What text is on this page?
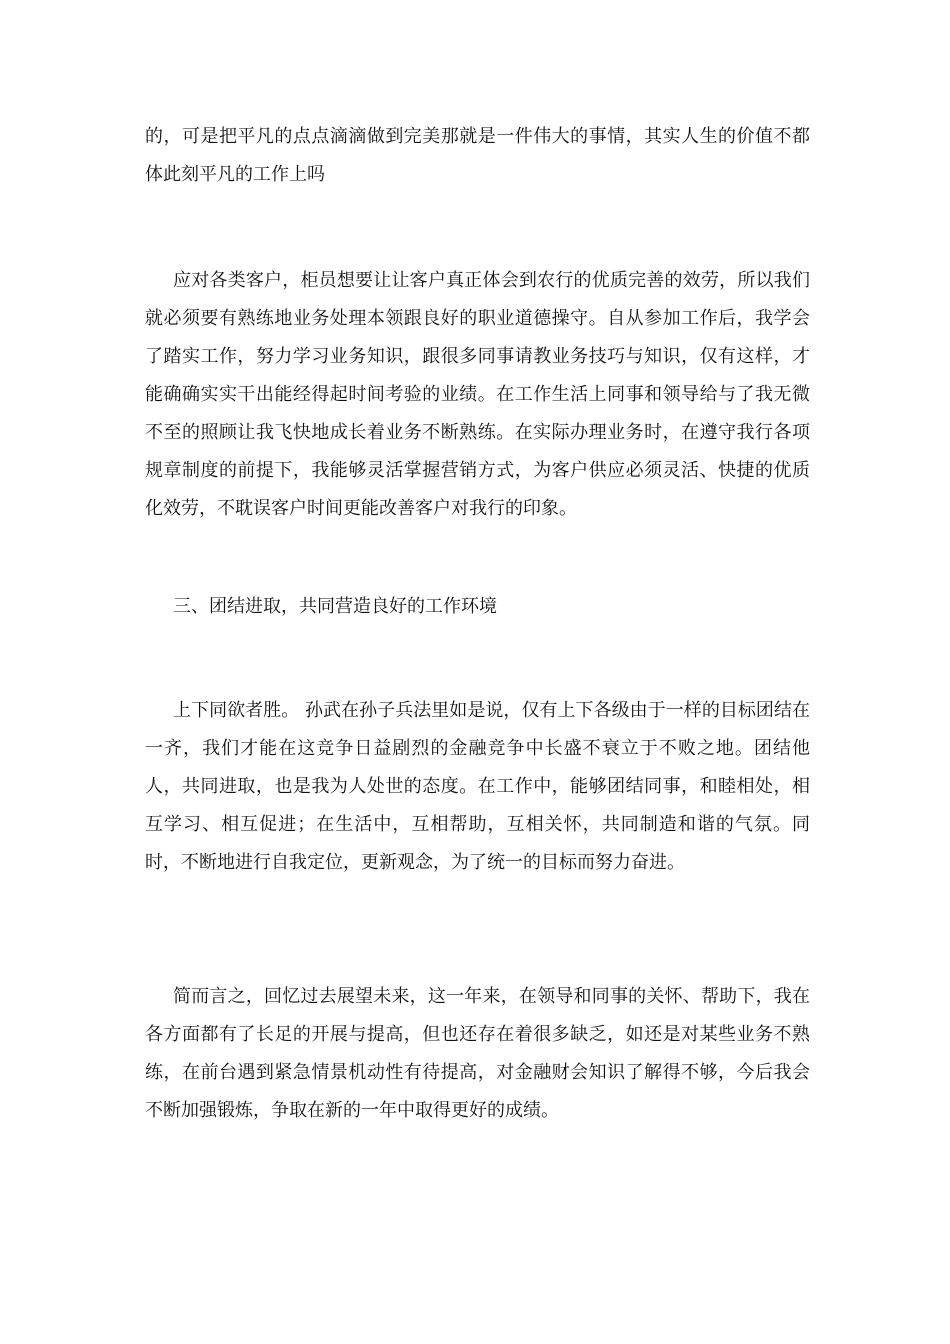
的，可是把平凡的点点滴滴做到完美那就是一件伟大的事情，其实人生的价值不都体此刻平凡的工作上吗

应对各类客户，柜员想要让让客户真正体会到农行的优质完善的效劳，所以我们就必须要有熟练地业务处理本领跟良好的职业道德操守。自从参加工作后，我学会了踏实工作，努力学习业务知识，跟很多同事请教业务技巧与知识，仅有这样，才能确确实实干出能经得起时间考验的业绩。在工作生活上同事和领导给与了我无微不至的照顾让我飞快地成长着业务不断熟练。在实际办理业务时，在遵守我行各项规章制度的前提下，我能够灵活掌握营销方式，为客户供应必须灵活、快捷的优质化效劳，不耽误客户时间更能改善客户对我行的印象。

三、团结进取，共同营造良好的工作环境

上下同欲者胜。 孙武在孙子兵法里如是说，仅有上下各级由于一样的目标团结在一齐，我们才能在这竞争日益剧烈的金融竞争中长盛不衰立于不败之地。团结他人，共同进取，也是我为人处世的态度。在工作中，能够团结同事，和睦相处，相互学习、相互促进；在生活中，互相帮助，互相关怀，共同制造和谐的气氛。同时，不断地进行自我定位，更新观念，为了统一的目标而努力奋进。

简而言之，回忆过去展望未来，这一年来，在领导和同事的关怀、帮助下，我在各方面都有了长足的开展与提高，但也还存在着很多缺乏，如还是对某些业务不熟练，在前台遇到紧急情景机动性有待提高，对金融财会知识了解得不够，今后我会不断加强锻炼，争取在新的一年中取得更好的成绩。
